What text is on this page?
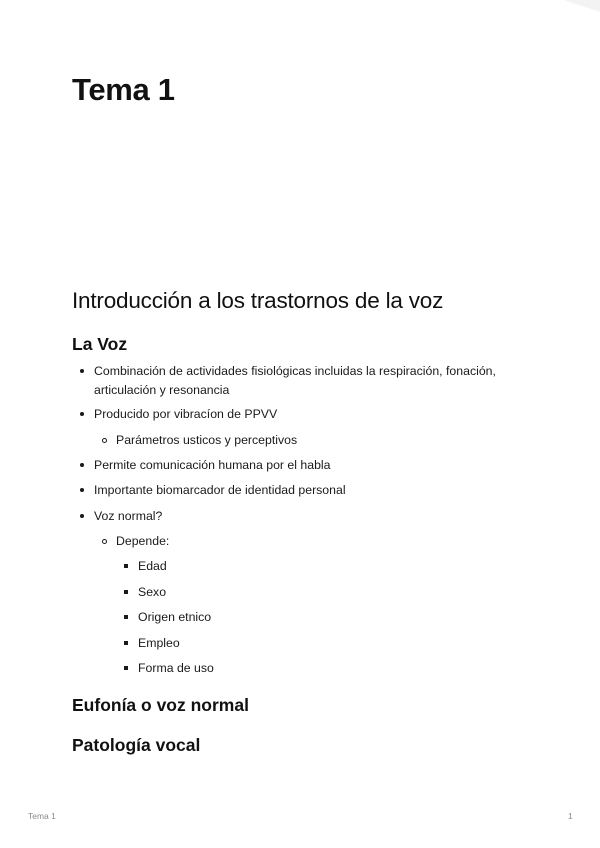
Tema 1
Introducción a los trastornos de la voz
La Voz
Combinación de actividades fisiológicas incluidas la respiración, fonación, articulación y resonancia
Producido por vibracíon de PPVV
Parámetros usticos y perceptivos
Permite comunicación humana por el habla
Importante biomarcador de identidad personal
Voz normal?
Depende:
Edad
Sexo
Origen etnico
Empleo
Forma de uso
Eufonía o voz normal
Patología vocal
Tema 1	1
